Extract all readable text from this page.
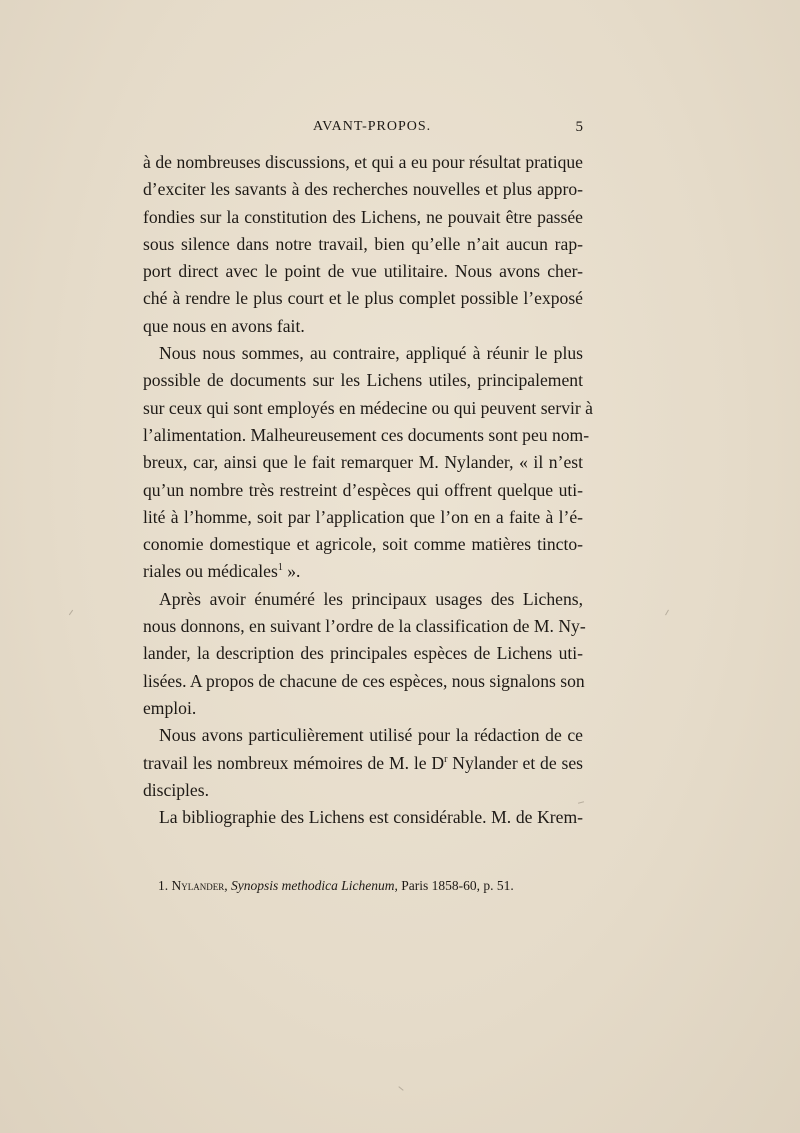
AVANT-PROPOS.	5
à de nombreuses discussions, et qui a eu pour résultat pratique
d’exciter les savants à des recherches nouvelles et plus appro-
fondies sur la constitution des Lichens, ne pouvait être passée
sous silence dans notre travail, bien qu’elle n’ait aucun rap-
port direct avec le point de vue utilitaire. Nous avons cher-
ché à rendre le plus court et le plus complet possible l’exposé
que nous en avons fait.
Nous nous sommes, au contraire, appliqué à réunir le plus
possible de documents sur les Lichens utiles, principalement
sur ceux qui sont employés en médecine ou qui peuvent servir à
l’alimentation. Malheureusement ces documents sont peu nom-
breux, car, ainsi que le fait remarquer M. Nylander, « il n’est
qu’un nombre très restreint d’espèces qui offrent quelque uti-
lité à l’homme, soit par l’application que l’on en a faite à l’é-
conomie domestique et agricole, soit comme matières tincto-
riales ou médicales$^1$ ».
Après avoir énuméré les principaux usages des Lichens,
nous donnons, en suivant l’ordre de la classification de M. Ny-
lander, la description des principales espèces de Lichens uti-
lisées. A propos de chacune de ces espèces, nous signalons son
emploi.
Nous avons particulièrement utilisé pour la rédaction de ce
travail les nombreux mémoires de M. le $D^r$ Nylander et de ses
disciples.
La bibliographie des Lichens est considérable. M. de Krem-
1. Nylander, Synopsis methodica Lichenum, Paris 1858-60, p. 51.
